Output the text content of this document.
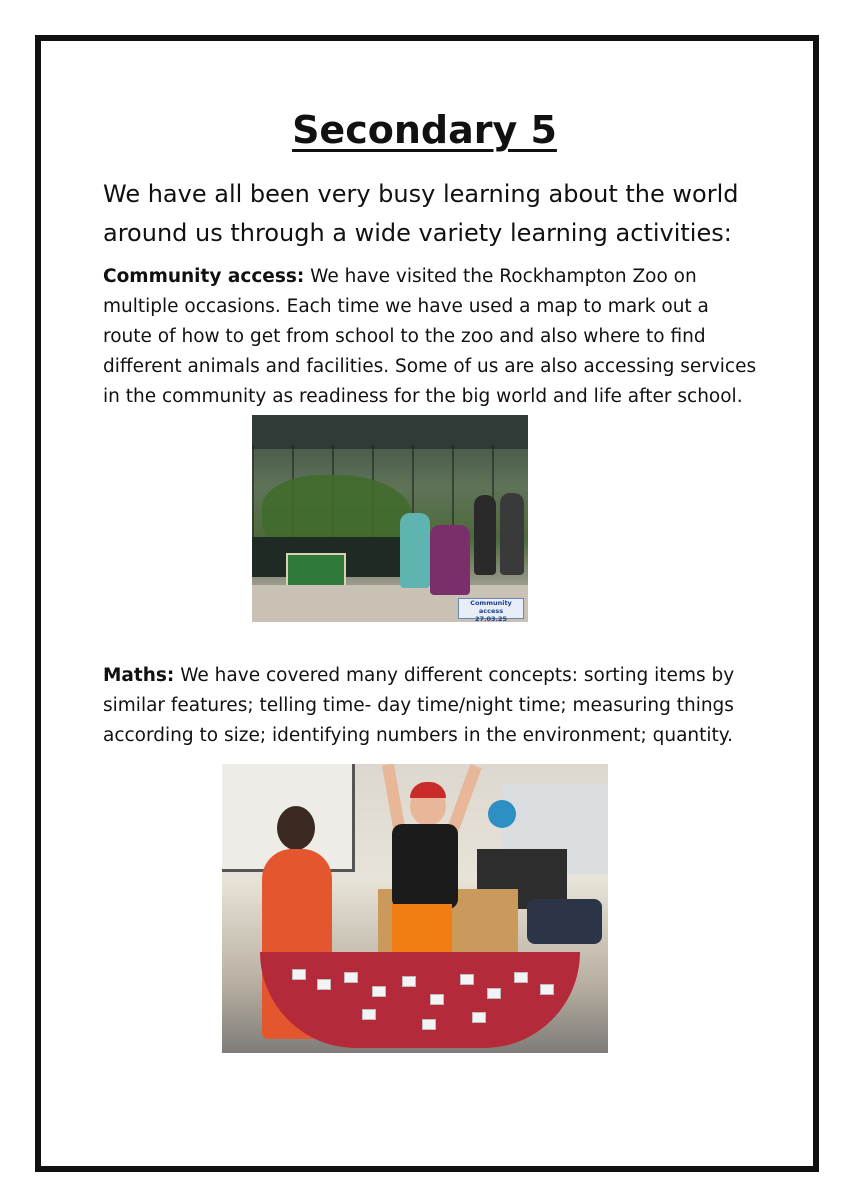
Secondary 5
We have all been very busy learning about the world around us through a wide variety learning activities:
Community access: We have visited the Rockhampton Zoo on multiple occasions. Each time we have used a map to mark out a route of how to get from school to the zoo and also where to find different animals and facilities. Some of us are also accessing services in the community as readiness for the big world and life after school.
Community access
27.03.25
Maths: We have covered many different concepts: sorting items by similar features; telling time- day time/night time; measuring things according to size; identifying numbers in the environment; quantity.
